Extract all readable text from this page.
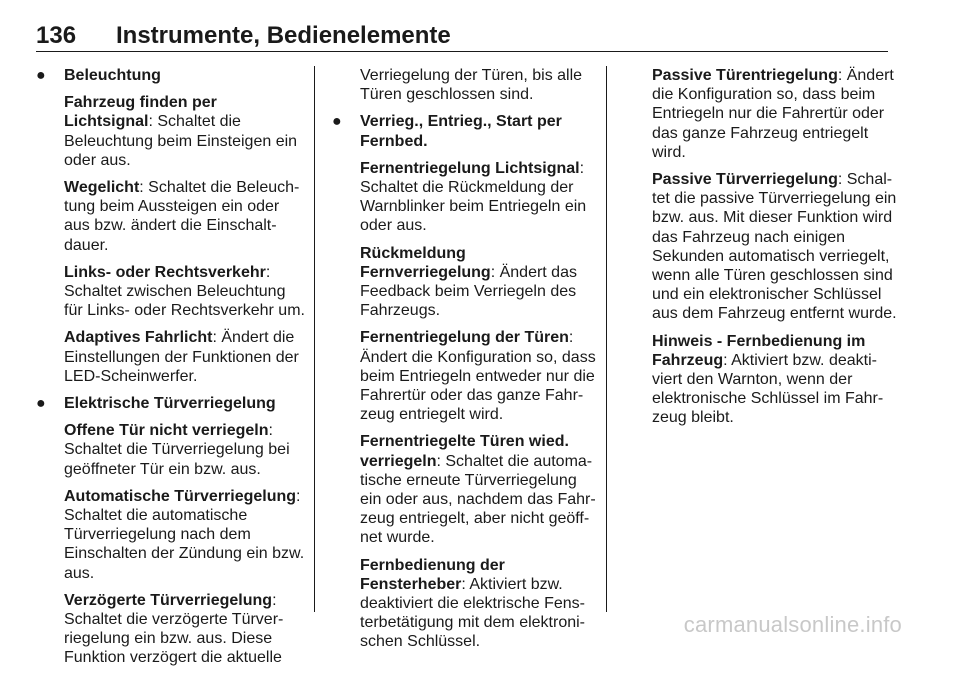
136 Instrumente, Bedienelemente
● Beleuchtung

Fahrzeug finden per Lichtsignal: Schaltet die Beleuchtung beim Einsteigen ein oder aus.

Wegelicht: Schaltet die Beleuchtung beim Aussteigen ein oder aus bzw. ändert die Einschaltdauer.

Links- oder Rechtsverkehr: Schaltet zwischen Beleuchtung für Links- oder Rechtsverkehr um.

Adaptives Fahrlicht: Ändert die Einstellungen der Funktionen der LED-Scheinwerfer.

● Elektrische Türverriegelung

Offene Tür nicht verriegeln: Schaltet die Türverriegelung bei geöffneter Tür ein bzw. aus.

Automatische Türverriegelung: Schaltet die automatische Türverriegelung nach dem Einschalten der Zündung ein bzw. aus.

Verzögerte Türverriegelung: Schaltet die verzögerte Türverriegelung ein bzw. aus. Diese Funktion verzögert die aktuelle

Verriegelung der Türen, bis alle Türen geschlossen sind.

● Verrieg., Entrieg., Start per Fernbed.

Fernentriegelung Lichtsignal: Schaltet die Rückmeldung der Warnblinker beim Entriegeln ein oder aus.

Rückmeldung Fernverriegelung: Ändert das Feedback beim Verriegeln des Fahrzeugs.

Fernentriegelung der Türen: Ändert die Konfiguration so, dass beim Entriegeln entweder nur die Fahrertür oder das ganze Fahrzeug entriegelt wird.

Fernentriegelte Türen wied. verriegeln: Schaltet die automatische erneute Türverriegelung ein oder aus, nachdem das Fahrzeug entriegelt, aber nicht geöffnet wurde.

Fernbedienung der Fensterheber: Aktiviert bzw. deaktiviert die elektrische Fensterbetätigung mit dem elektronischen Schlüssel.

Passive Türentriegelung: Ändert die Konfiguration so, dass beim Entriegeln nur die Fahrertür oder das ganze Fahrzeug entriegelt wird.

Passive Türverriegelung: Schaltet die passive Türverriegelung ein bzw. aus. Mit dieser Funktion wird das Fahrzeug nach einigen Sekunden automatisch verriegelt, wenn alle Türen geschlossen sind und ein elektronischer Schlüssel aus dem Fahrzeug entfernt wurde.

Hinweis - Fernbedienung im Fahrzeug: Aktiviert bzw. deaktiviert den Warnton, wenn der elektronische Schlüssel im Fahrzeug bleibt.

carmanualsonline.info
